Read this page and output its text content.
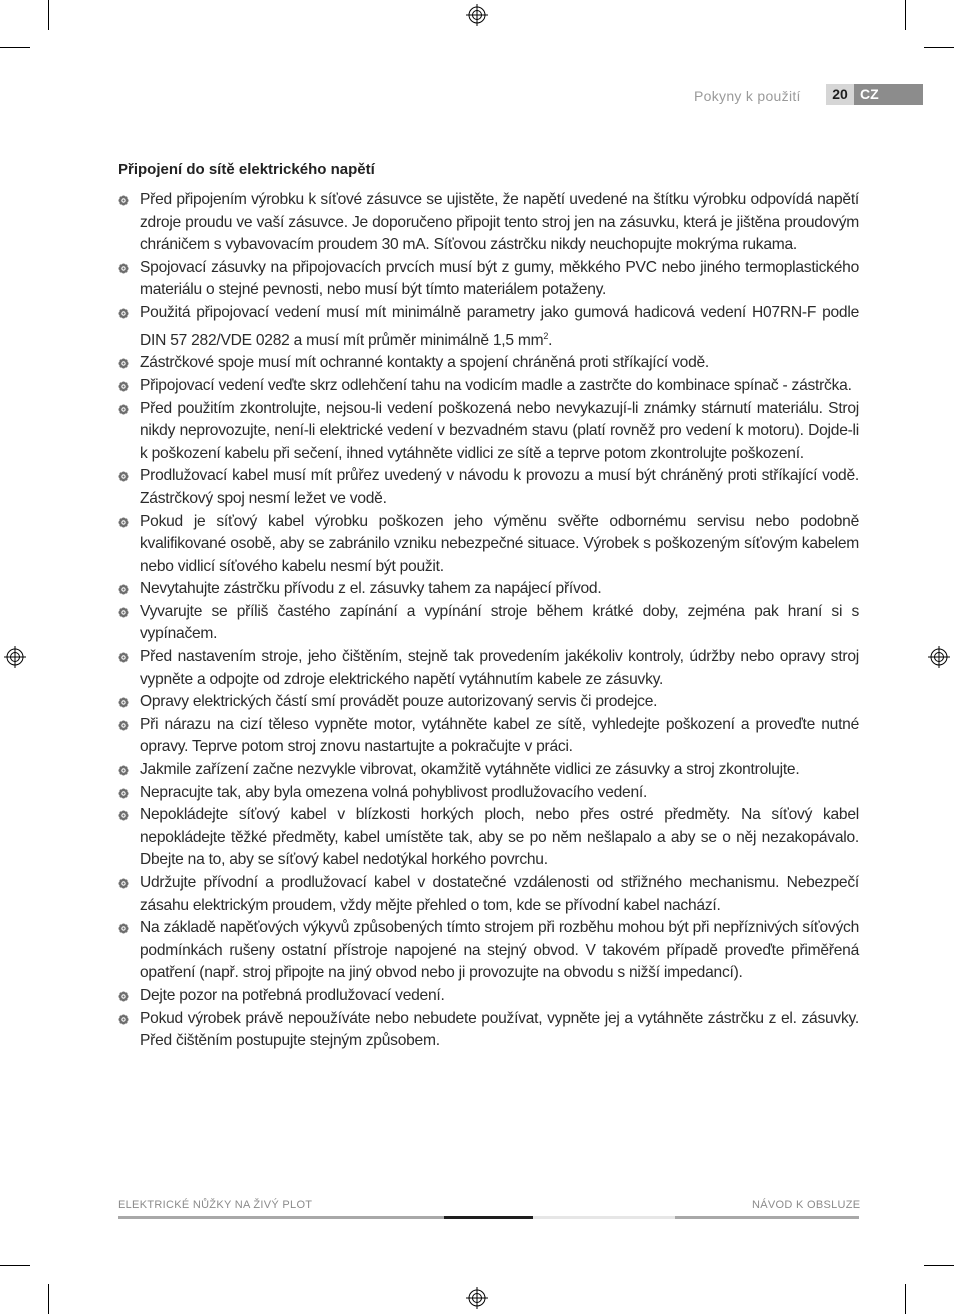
Pokyny k použití	20 CZ
Připojení do sítě elektrického napětí
Před připojením výrobku k síťové zásuvce se ujistěte, že napětí uvedené na štítku výrobku odpovídá napětí zdroje proudu ve vaší zásuvce. Je doporučeno připojit tento stroj jen na zásuvku, která je jištěna proudovým chráničem s vybavovacím proudem 30 mA. Síťovou zástrčku nikdy neuchopujte mokrýma rukama.
Spojovací zásuvky na připojovacích prvcích musí být z gumy, měkkého PVC nebo jiného termoplastického materiálu o stejné pevnosti, nebo musí být tímto materiálem potaženy.
Použitá připojovací vedení musí mít minimálně parametry jako gumová hadicová vedení H07RN-F podle DIN 57 282/VDE 0282 a musí mít průměr minimálně 1,5 $mm^2$.
Zástrčkové spoje musí mít ochranné kontakty a spojení chráněná proti stříkající vodě.
Připojovací vedení veďte skrz odlehčení tahu na vodicím madle a zastrčte do kombinace spínač - zástrčka.
Před použitím zkontrolujte, nejsou-li vedení poškozená nebo nevykazují-li známky stárnutí materiálu. Stroj nikdy neprovozujte, není-li elektrické vedení v bezvadném stavu (platí rovněž pro vedení k motoru). Dojde-li k poškození kabelu při sečení, ihned vytáhněte vidlici ze sítě a teprve potom zkontrolujte poškození.
Prodlužovací kabel musí mít průřez uvedený v návodu k provozu a musí být chráněný proti stříkající vodě. Zástrčkový spoj nesmí ležet ve vodě.
Pokud je síťový kabel výrobku poškozen jeho výměnu svěřte odbornému servisu nebo podobně kvalifikované osobě, aby se zabránilo vzniku nebezpečné situace. Výrobek s poškozeným síťovým kabelem nebo vidlicí síťového kabelu nesmí být použit.
Nevytahujte zástrčku přívodu z el. zásuvky tahem za napájecí přívod.
Vyvarujte se příliš častého zapínání a vypínání stroje během krátké doby, zejména pak hraní si s vypínačem.
Před nastavením stroje, jeho čištěním, stejně tak provedením jakékoliv kontroly, údržby nebo opravy stroj vypněte a odpojte od zdroje elektrického napětí vytáhnutím kabele ze zásuvky.
Opravy elektrických částí smí provádět pouze autorizovaný servis či prodejce.
Při nárazu na cizí těleso vypněte motor, vytáhněte kabel ze sítě, vyhledejte poškození a proveďte nutné opravy. Teprve potom stroj znovu nastartujte a pokračujte v práci.
Jakmile zařízení začne nezvykle vibrovat, okamžitě vytáhněte vidlici ze zásuvky a stroj zkontrolujte.
Nepracujte tak, aby byla omezena volná pohyblivost prodlužovacího vedení.
Nepokládejte síťový kabel v blízkosti horkých ploch, nebo přes ostré předměty. Na síťový kabel nepokládejte těžké předměty, kabel umístěte tak, aby se po něm nešlapalo a aby se o něj nezakopávalo. Dbejte na to, aby se síťový kabel nedotýkal horkého povrchu.
Udržujte přívodní a prodlužovací kabel v dostatečné vzdálenosti od střižného mechanismu. Nebezpečí zásahu elektrickým proudem, vždy mějte přehled o tom, kde se přívodní kabel nachází.
Na základě napěťových výkyvů způsobených tímto strojem při rozběhu mohou být při nepříznivých síťových podmínkách rušeny ostatní přístroje napojené na stejný obvod. V takovém případě proveďte přiměřená opatření (např. stroj připojte na jiný obvod nebo ji provozujte na obvodu s nižší impedancí).
Dejte pozor na potřebná prodlužovací vedení.
Pokud výrobek právě nepoužíváte nebo nebudete používat, vypněte jej a vytáhněte zástrčku z el. zásuvky. Před čištěním postupujte stejným způsobem.
ELEKTRICKÉ NŮŽKY NA ŽIVÝ PLOT	NÁVOD K OBSLUZE
